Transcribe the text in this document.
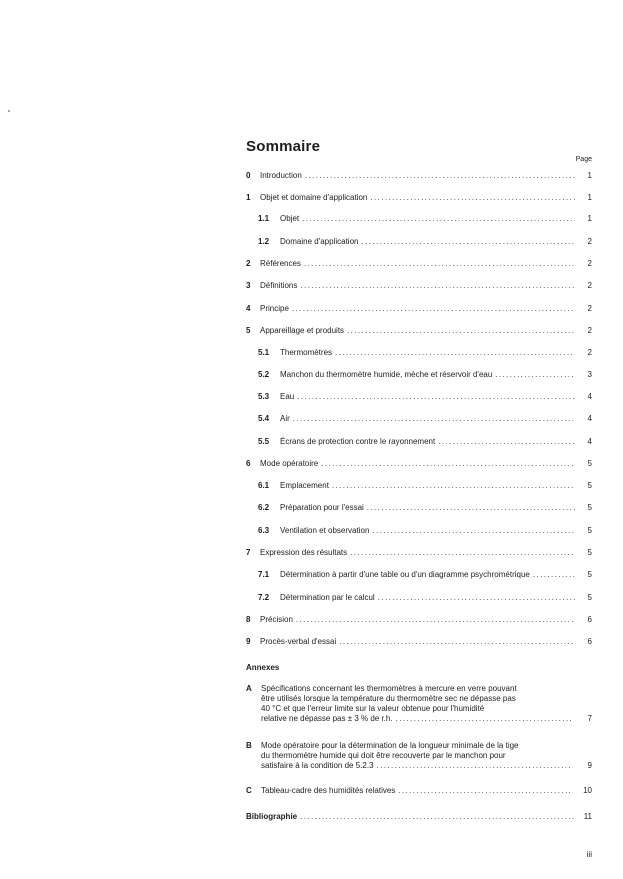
Sommaire
Page
0	Introduction .....	1
1	Objet et domaine d'application .....	1
1.1	Objet .....	1
1.2	Domaine d'application .....	2
2	Références .....	2
3	Définitions .....	2
4	Principe .....	2
5	Appareillage et produits .....	2
5.1	Thermomètres .....	2
5.2	Manchon du thermomètre humide, mèche et réservoir d'eau .....	3
5.3	Eau .....	4
5.4	Air .....	4
5.5	Écrans de protection contre le rayonnement .....	4
6	Mode opératoire .....	5
6.1	Emplacement .....	5
6.2	Préparation pour l'essai .....	5
6.3	Ventilation et observation .....	5
7	Expression des résultats .....	5
7.1	Détermination à partir d'une table ou d'un diagramme psychrométrique .....	5
7.2	Détermination par le calcul .....	5
8	Précision .....	6
9	Procès-verbal d'essai .....	6
Annexes
A	Spécifications concernant les thermomètres à mercure en verre pouvant
être utilisés lorsque la température du thermomètre sec ne dépasse pas
40 °C et que l'erreur limite sur la valeur obtenue pour l'humidité
relative ne dépasse pas ± 3 % de r.h. .....	7
B	Mode opératoire pour la détermination de la longueur minimale de la tige
du thermomètre humide qui doit être recouverte par le manchon pour
satisfaire à la condition de 5.2.3 .....	9
C	Tableau-cadre des humidités relatives .....	10
Bibliographie .....	11
iii
